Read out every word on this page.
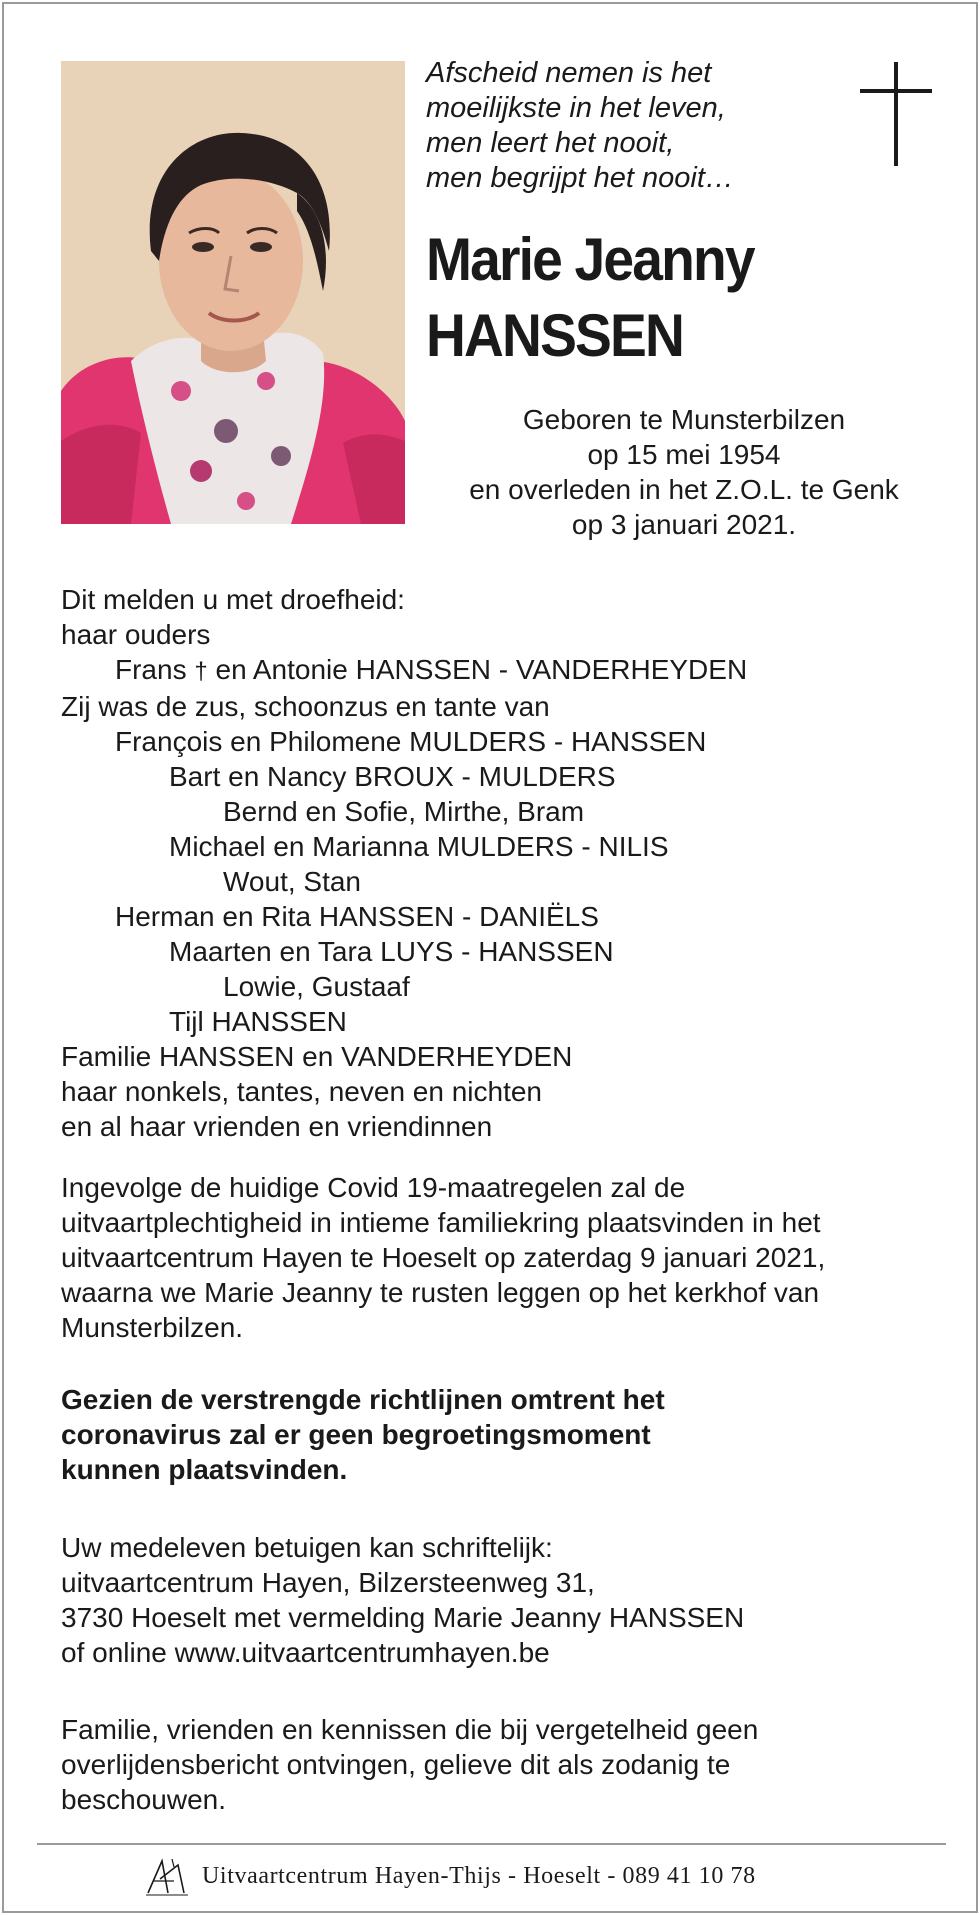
Afscheid nemen is het
moeilijkste in het leven,
men leert het nooit,
men begrijpt het nooit…
Marie Jeanny
HANSSEN
Geboren te Munsterbilzen
op 15 mei 1954
en overleden in het Z.O.L. te Genk
op 3 januari 2021.
Dit melden u met droefheid:
haar ouders
Frans † en Antonie HANSSEN - VANDERHEYDEN
Zij was de zus, schoonzus en tante van
François en Philomene MULDERS - HANSSEN
Bart en Nancy BROUX - MULDERS
Bernd en Sofie, Mirthe, Bram
Michael en Marianna MULDERS - NILIS
Wout, Stan
Herman en Rita HANSSEN - DANIËLS
Maarten en Tara LUYS - HANSSEN
Lowie, Gustaaf
Tijl HANSSEN
Familie HANSSEN en VANDERHEYDEN
haar nonkels, tantes, neven en nichten
en al haar vrienden en vriendinnen
Ingevolge de huidige Covid 19-maatregelen zal de
uitvaartplechtigheid in intieme familiekring plaatsvinden in het
uitvaartcentrum Hayen te Hoeselt op zaterdag 9 januari 2021,
waarna we Marie Jeanny te rusten leggen op het kerkhof van
Munsterbilzen.
Gezien de verstrengde richtlijnen omtrent het
coronavirus zal er geen begroetingsmoment
kunnen plaatsvinden.
Uw medeleven betuigen kan schriftelijk:
uitvaartcentrum Hayen, Bilzersteenweg 31,
3730 Hoeselt met vermelding Marie Jeanny HANSSEN
of online www.uitvaartcentrumhayen.be
Familie, vrienden en kennissen die bij vergetelheid geen
overlijdensbericht ontvingen, gelieve dit als zodanig te
beschouwen.
Uitvaartcentrum Hayen-Thijs - Hoeselt - 089 41 10 78
